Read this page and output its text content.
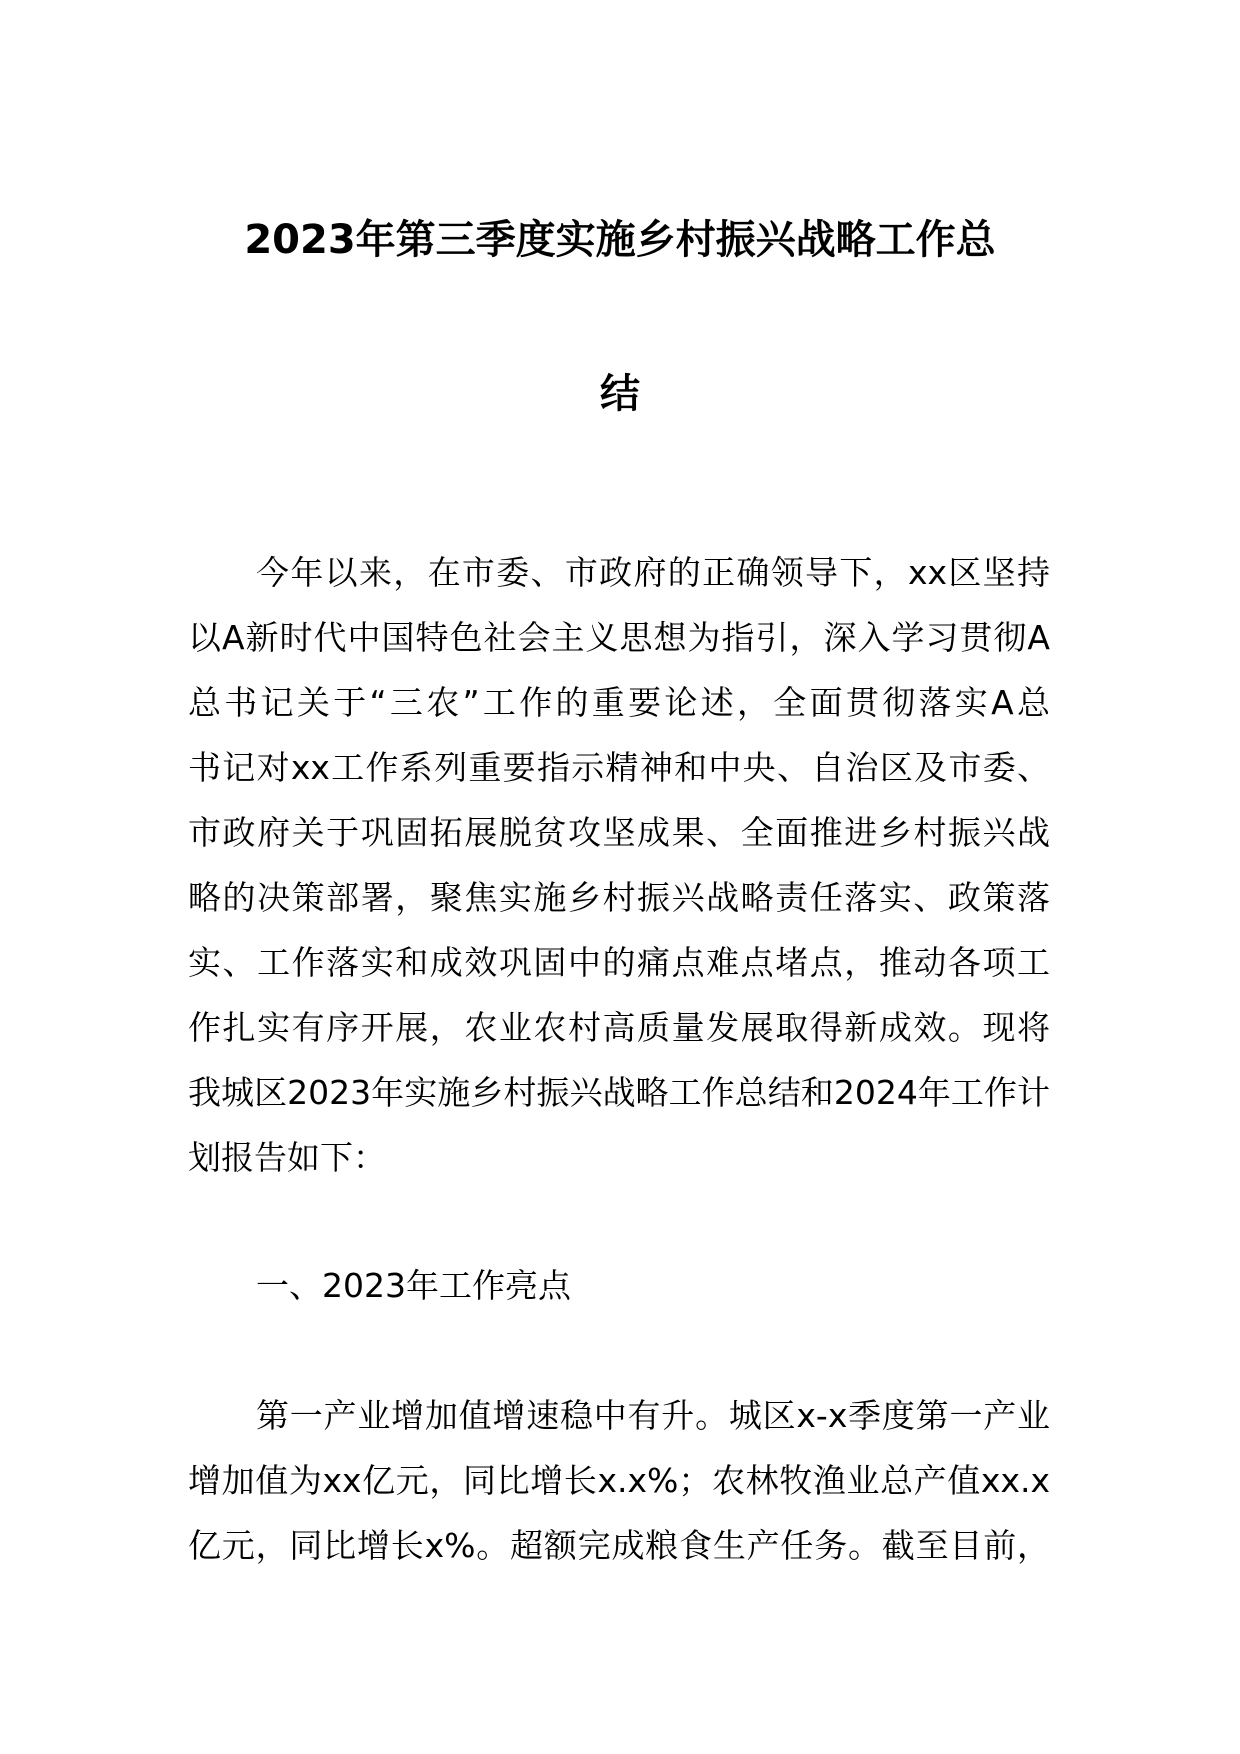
2023年第三季度实施乡村振兴战略工作总
结
今年以来，在市委、市政府的正确领导下，xx区坚持
以A新时代中国特色社会主义思想为指引，深入学习贯彻A
总书记关于“三农”工作的重要论述，全面贯彻落实A总
书记对xx工作系列重要指示精神和中央、自治区及市委、
市政府关于巩固拓展脱贫攻坚成果、全面推进乡村振兴战
略的决策部署，聚焦实施乡村振兴战略责任落实、政策落
实、工作落实和成效巩固中的痛点难点堵点，推动各项工
作扎实有序开展，农业农村高质量发展取得新成效。现将
我城区2023年实施乡村振兴战略工作总结和2024年工作计
划报告如下：
一、2023年工作亮点
第一产业增加值增速稳中有升。城区x-x季度第一产业
增加值为xx亿元，同比增长x.x%；农林牧渔业总产值xx.x
亿元，同比增长x%。超额完成粮食生产任务。截至目前，
